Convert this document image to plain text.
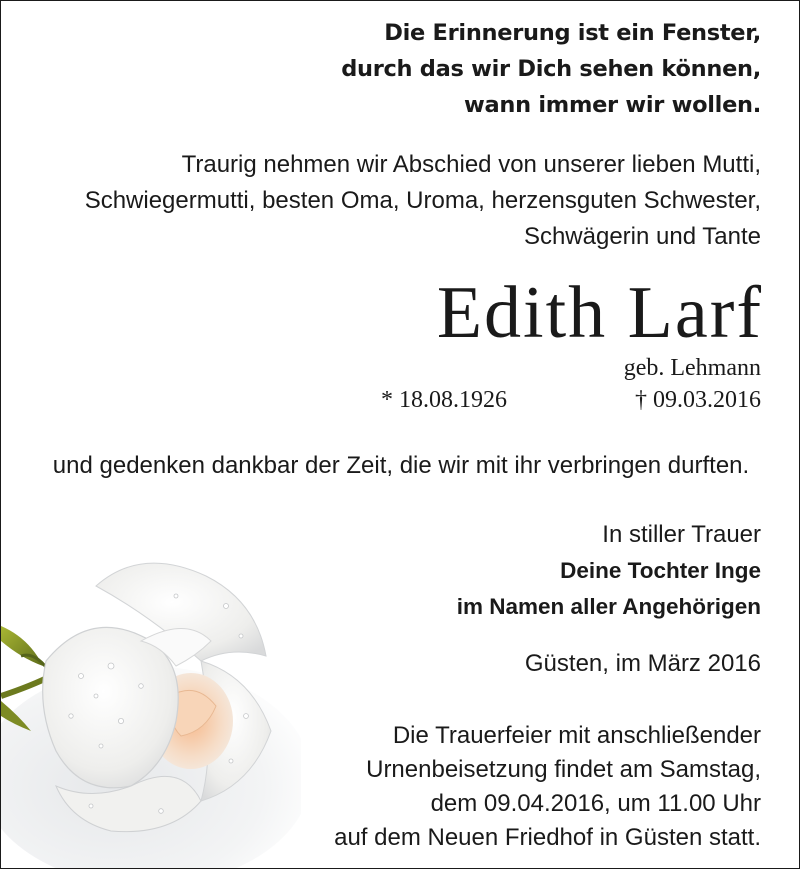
Die Erinnerung ist ein Fenster,
durch das wir Dich sehen können,
wann immer wir wollen.

Traurig nehmen wir Abschied von unserer lieben Mutti,
Schwiegermutti, besten Oma, Uroma, herzensguten Schwester,
Schwägerin und Tante

Edith Larf

geb. Lehmann

* 18.08.1926	† 09.03.2016

und gedenken dankbar der Zeit, die wir mit ihr verbringen durften.

In stiller Trauer
Deine Tochter Inge
im Namen aller Angehörigen

Güsten, im März 2016

Die Trauerfeier mit anschließender
Urnenbeisetzung findet am Samstag,
dem 09.04.2016, um 11.00 Uhr
auf dem Neuen Friedhof in Güsten statt.
